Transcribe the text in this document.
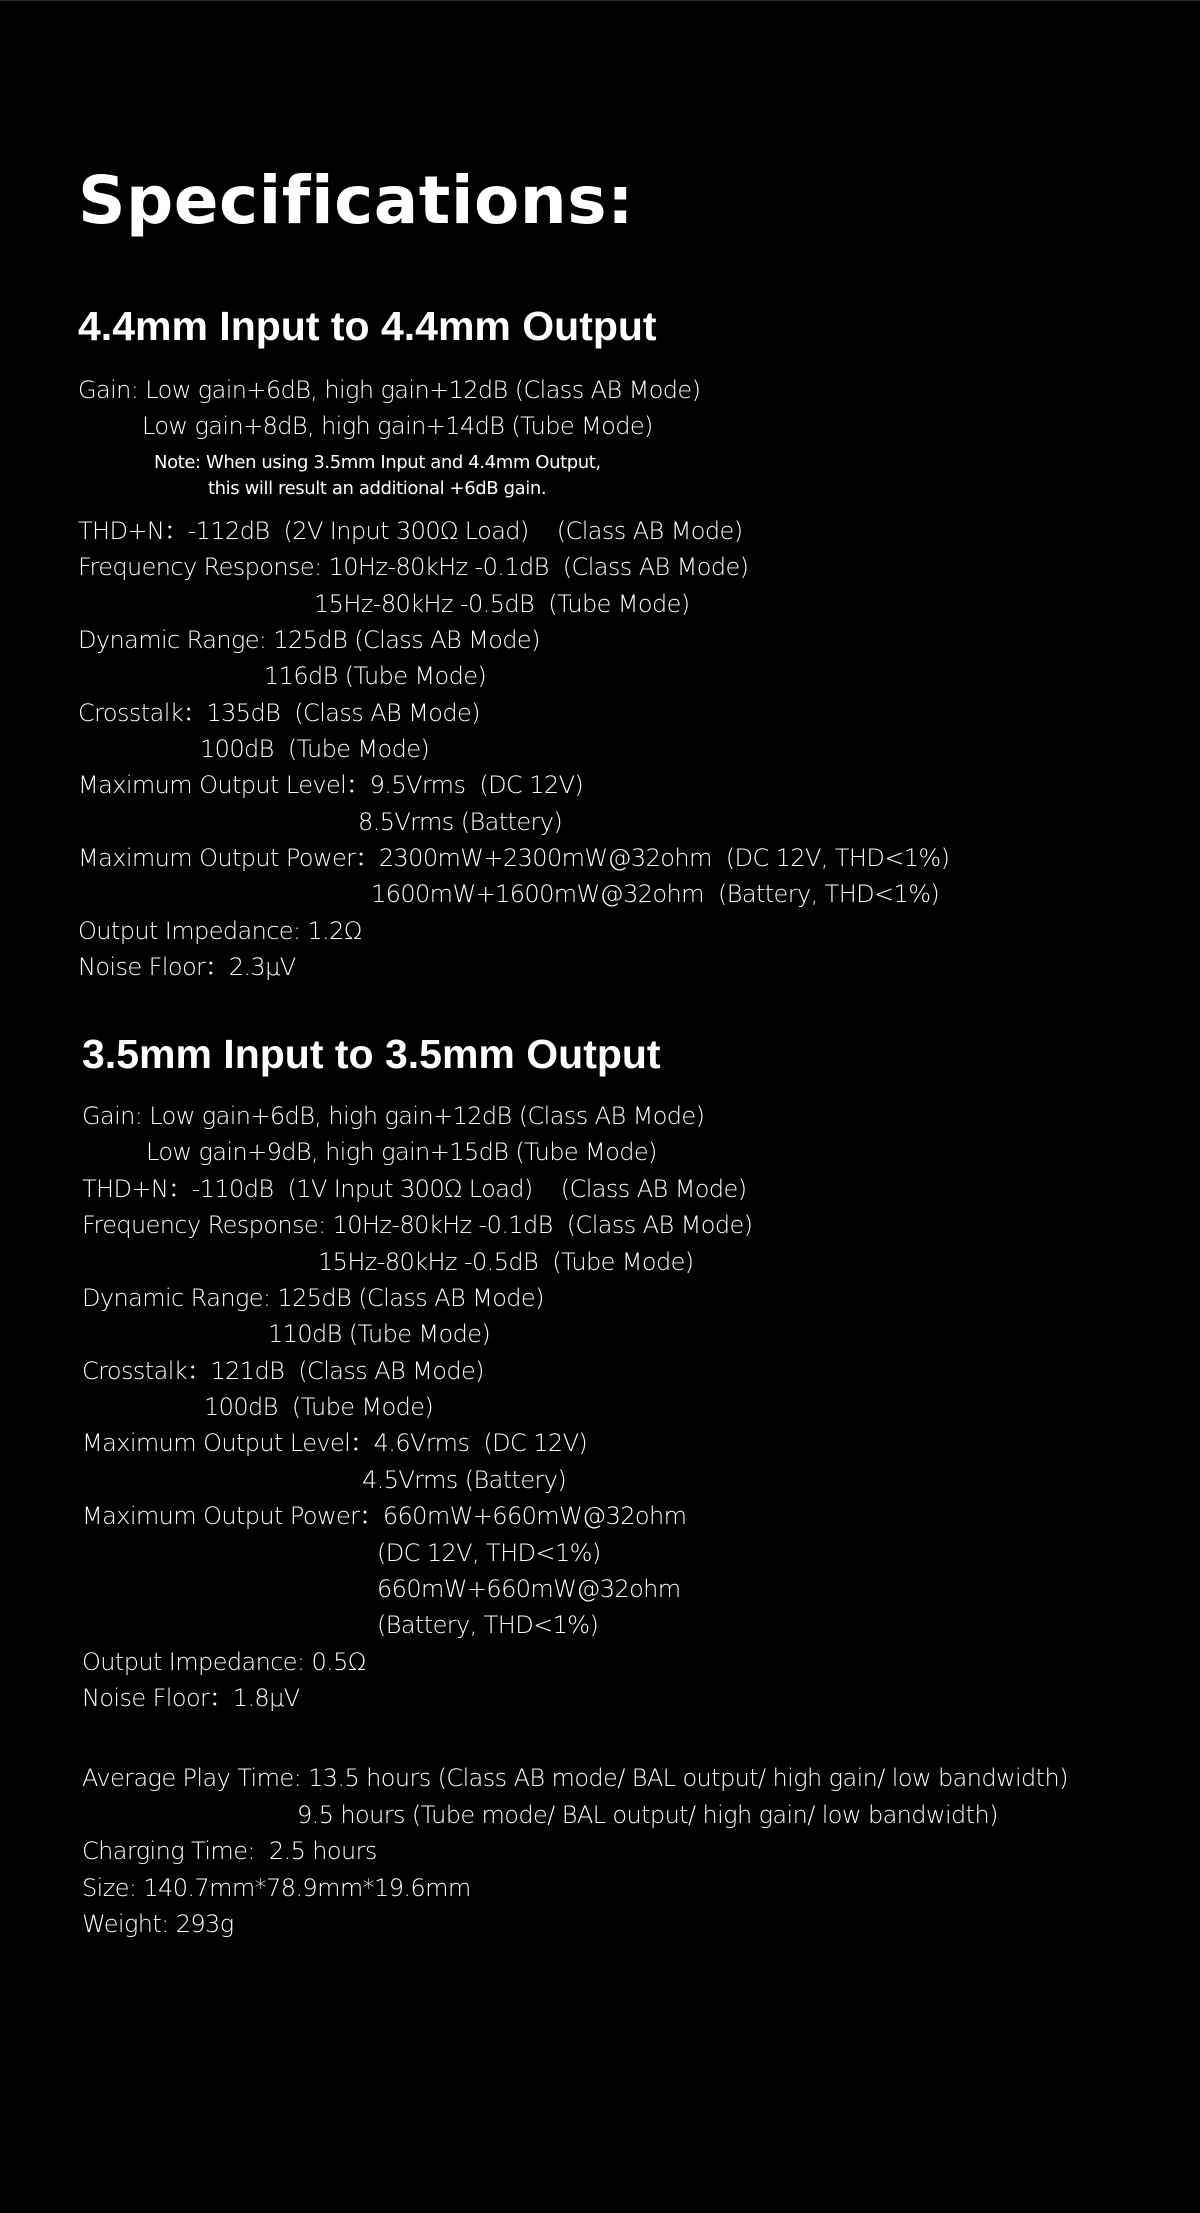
Specifications:
4.4mm Input to 4.4mm Output
Gain: Low gain+6dB, high gain+12dB (Class AB Mode)
Low gain+8dB, high gain+14dB (Tube Mode)
Note: When using 3.5mm Input and 4.4mm Output,
this will result an additional +6dB gain.
THD+N：-112dB  (2V Input 300Ω Load)    (Class AB Mode)
Frequency Response: 10Hz-80kHz -0.1dB  (Class AB Mode)
15Hz-80kHz -0.5dB  (Tube Mode)
Dynamic Range: 125dB (Class AB Mode)
116dB (Tube Mode)
Crosstalk：135dB  (Class AB Mode)
100dB  (Tube Mode)
Maximum Output Level：9.5Vrms  (DC 12V)
8.5Vrms (Battery)
Maximum Output Power：2300mW+2300mW@32ohm  (DC 12V, THD<1%)
1600mW+1600mW@32ohm  (Battery, THD<1%)
Output Impedance: 1.2Ω
Noise Floor：2.3μV
3.5mm Input to 3.5mm Output
Gain: Low gain+6dB, high gain+12dB (Class AB Mode)
Low gain+9dB, high gain+15dB (Tube Mode)
THD+N：-110dB  (1V Input 300Ω Load)    (Class AB Mode)
Frequency Response: 10Hz-80kHz -0.1dB  (Class AB Mode)
15Hz-80kHz -0.5dB  (Tube Mode)
Dynamic Range: 125dB (Class AB Mode)
110dB (Tube Mode)
Crosstalk：121dB  (Class AB Mode)
100dB  (Tube Mode)
Maximum Output Level：4.6Vrms  (DC 12V)
4.5Vrms (Battery)
Maximum Output Power：660mW+660mW@32ohm
(DC 12V, THD<1%)
660mW+660mW@32ohm
(Battery, THD<1%)
Output Impedance: 0.5Ω
Noise Floor：1.8μV
Average Play Time: 13.5 hours (Class AB mode/ BAL output/ high gain/ low bandwidth)
9.5 hours (Tube mode/ BAL output/ high gain/ low bandwidth)
Charging Time:  2.5 hours
Size: 140.7mm*78.9mm*19.6mm
Weight: 293g
